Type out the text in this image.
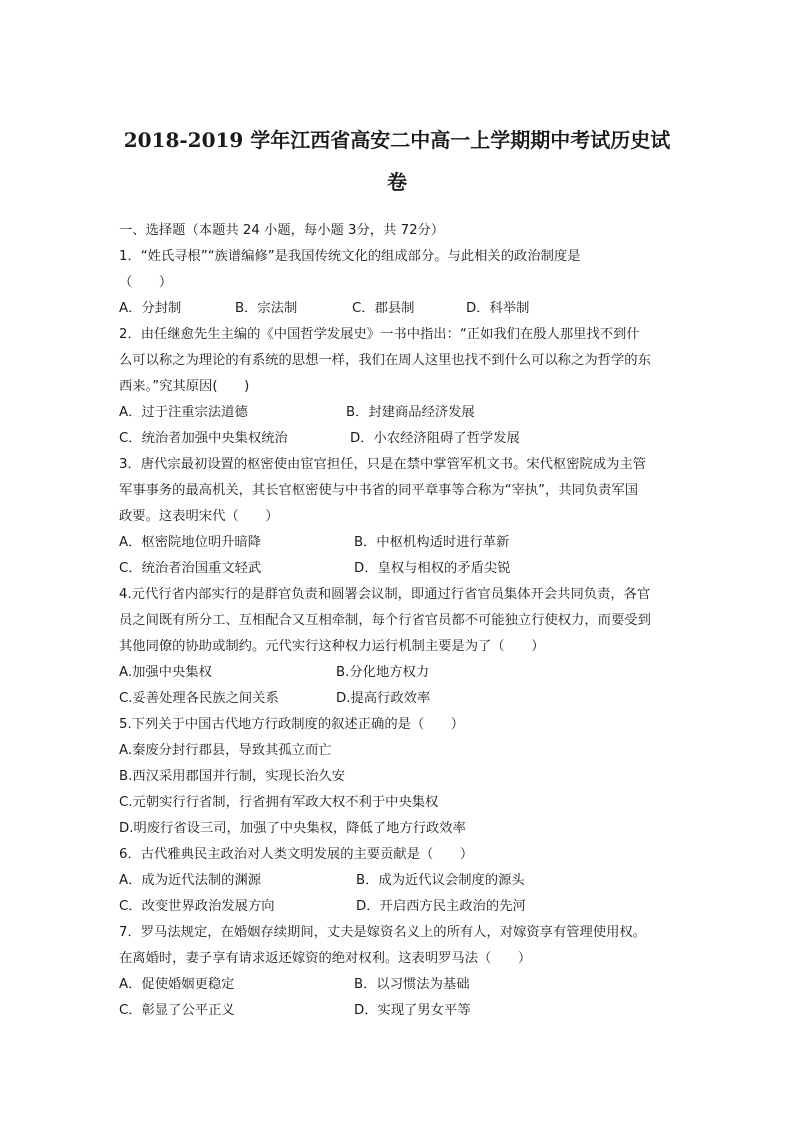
2018-2019 学年江西省高安二中高一上学期期中考试历史试
卷

一、选择题（本题共 24 小题，每小题 3分，共 72分）

1．“姓氏寻根”“族谱编修”是我国传统文化的组成部分。与此相关的政治制度是

（　　）

A．分封制	B．宗法制	C．郡县制	D．科举制

2．由任继愈先生主编的《中国哲学发展史》一书中指出：“正如我们在殷人那里找不到什

么可以称之为理论的有系统的思想一样，我们在周人这里也找不到什么可以称之为哲学的东

西来。”究其原因(　　)

A．过于注重宗法道德	B．封建商品经济发展
C．统治者加强中央集权统治	D．小农经济阻碍了哲学发展

3．唐代宗最初设置的枢密使由宦官担任，只是在禁中掌管军机文书。宋代枢密院成为主管

军事事务的最高机关，其长官枢密使与中书省的同平章事等合称为“宰执”，共同负责军国

政要。这表明宋代（　　）

A．枢密院地位明升暗降	B．中枢机构适时进行革新
C．统治者治国重文轻武	D．皇权与相权的矛盾尖锐

4.元代行省内部实行的是群官负责和圆署会议制，即通过行省官员集体开会共同负责，各官

员之间既有所分工、互相配合又互相牵制，每个行省官员都不可能独立行使权力，而要受到

其他同僚的协助或制约。元代实行这种权力运行机制主要是为了（　　）

A.加强中央集权	B.分化地方权力
C.妥善处理各民族之间关系	D.提高行政效率

5.下列关于中国古代地方行政制度的叙述正确的是（　　）

A.秦废分封行郡县，导致其孤立而亡

B.西汉采用郡国并行制，实现长治久安

C.元朝实行行省制，行省拥有军政大权不利于中央集权

D.明废行省设三司，加强了中央集权，降低了地方行政效率

6．古代雅典民主政治对人类文明发展的主要贡献是（　　）

A．成为近代法制的渊源	B．成为近代议会制度的源头
C．改变世界政治发展方向	D．开启西方民主政治的先河

7．罗马法规定，在婚姻存续期间，丈夫是嫁资名义上的所有人，对嫁资享有管理使用权。

在离婚时，妻子享有请求返还嫁资的绝对权利。这表明罗马法（　　）

A．促使婚姻更稳定	B．以习惯法为基础
C．彰显了公平正义	D．实现了男女平等
